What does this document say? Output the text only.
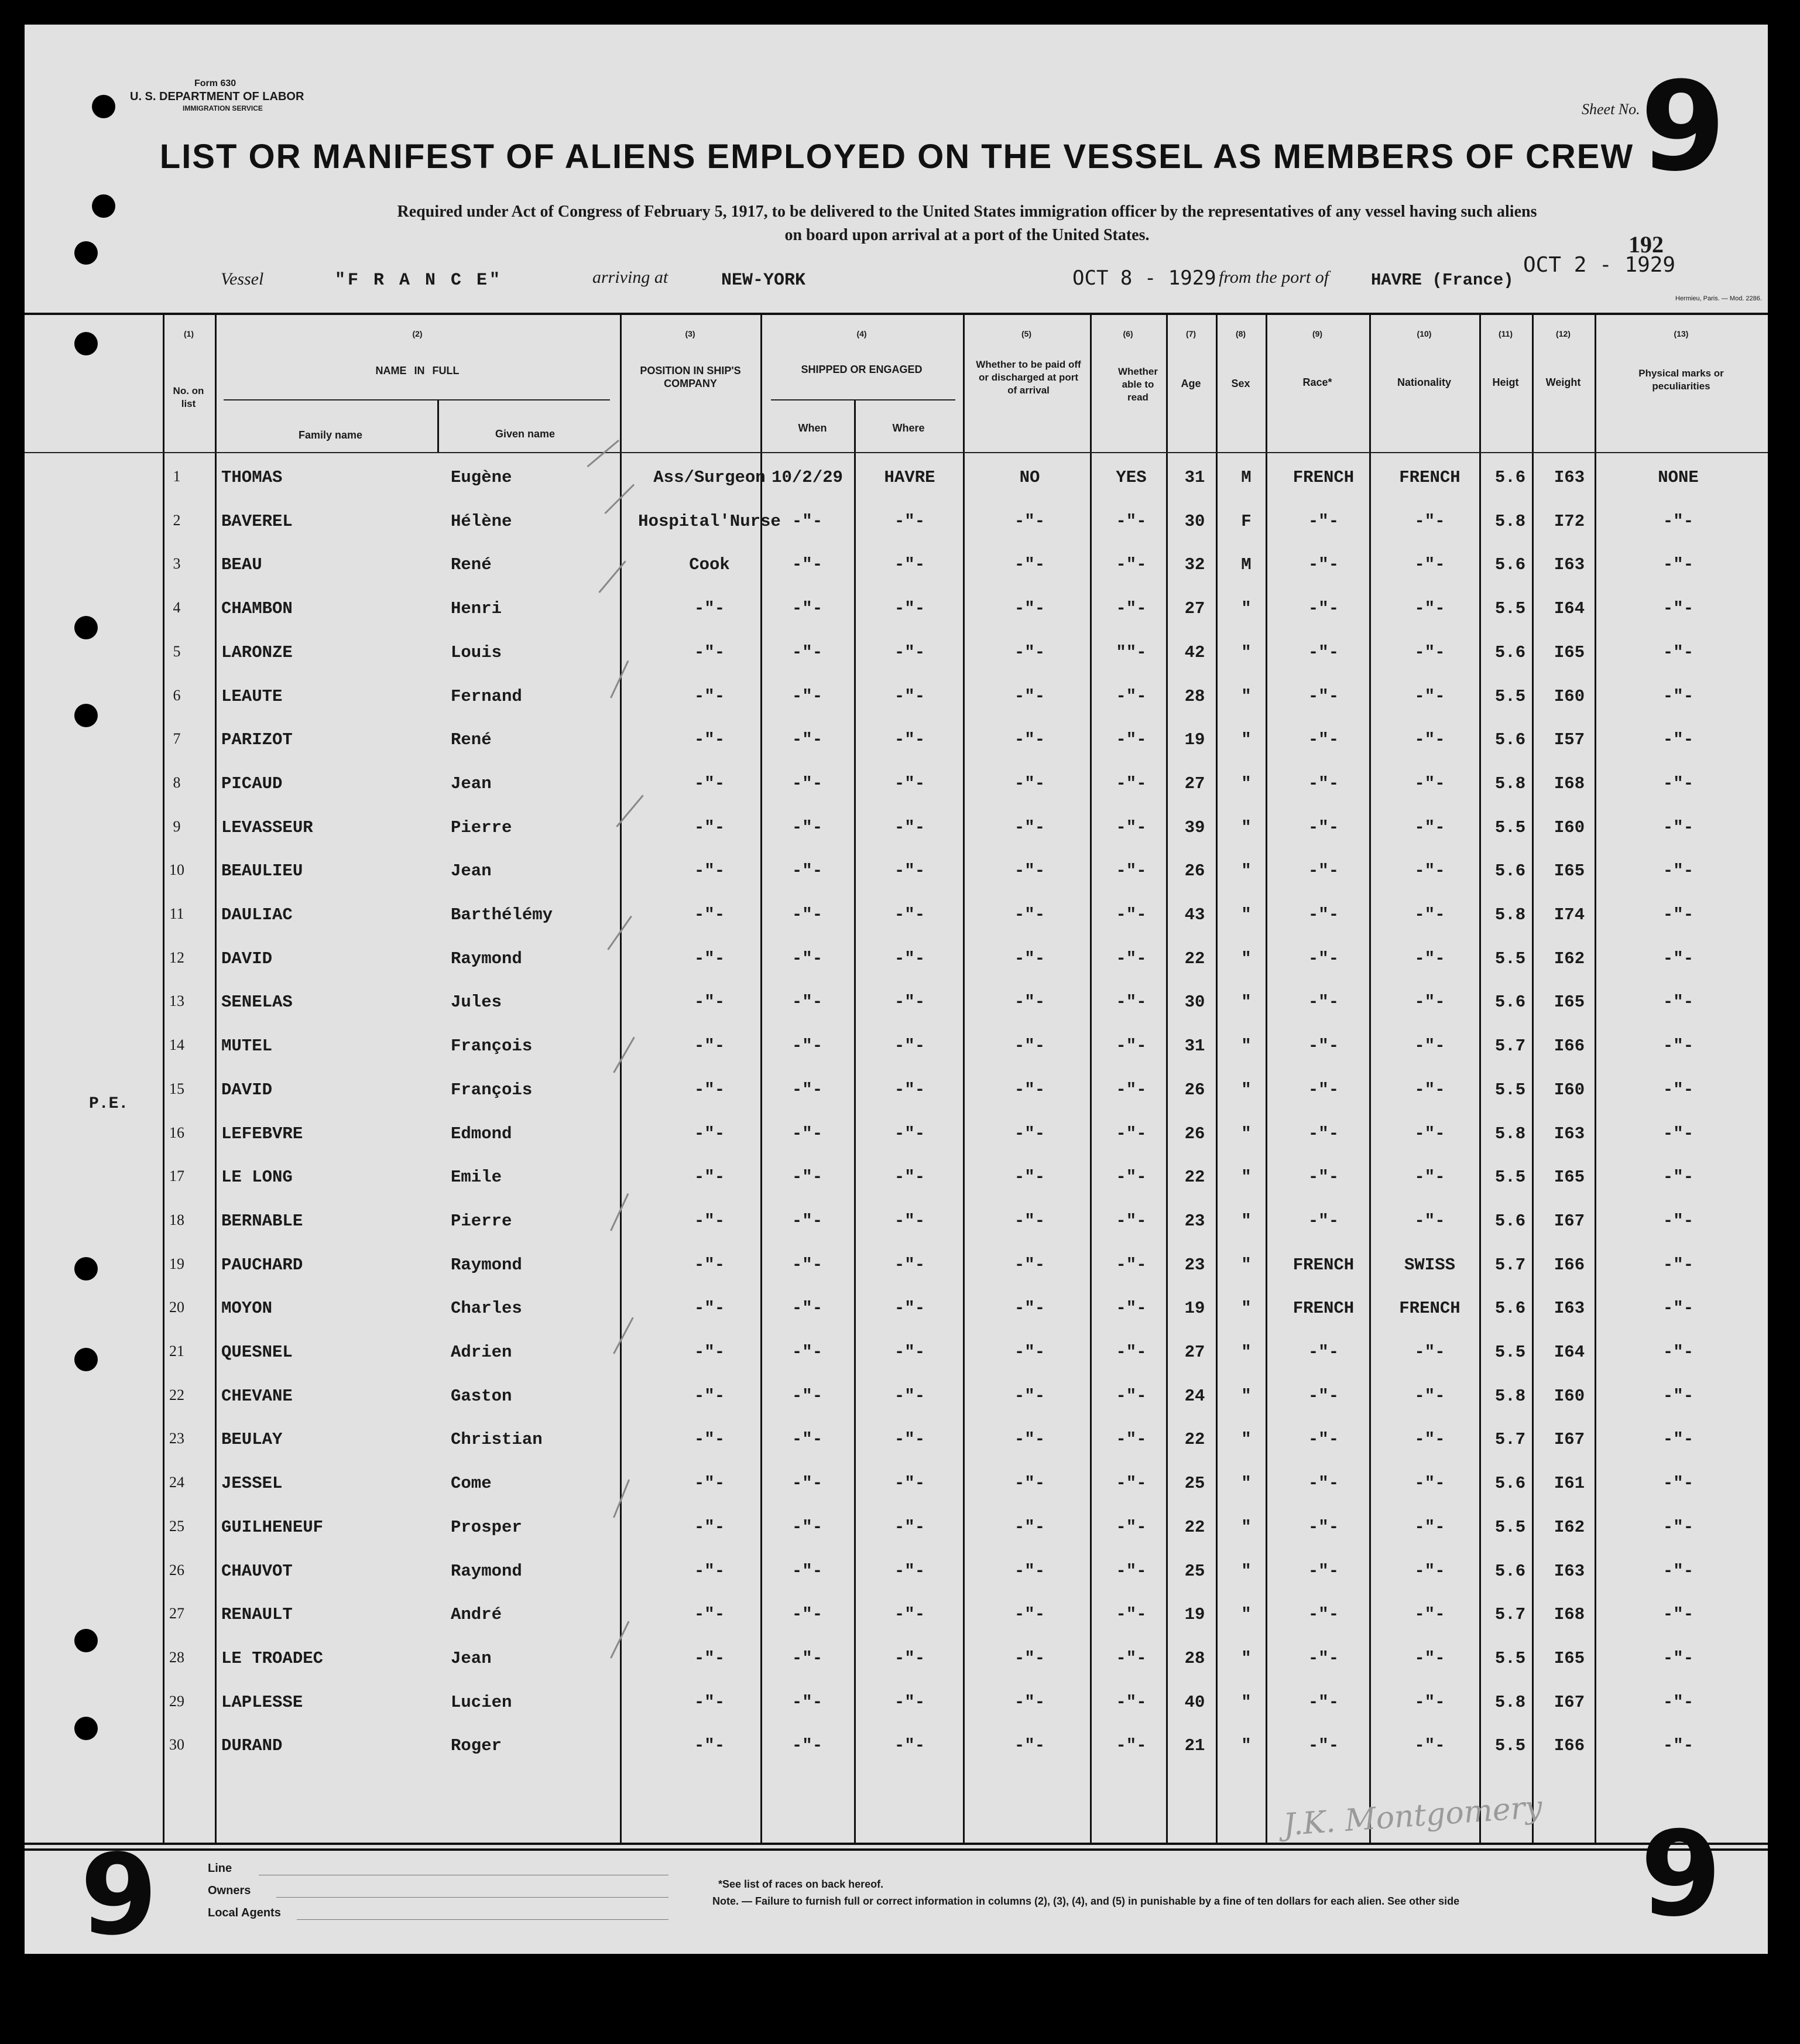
Form 630
U. S. DEPARTMENT OF LABOR
IMMIGRATION SERVICE	Sheet No. 9
LIST OR MANIFEST OF ALIENS EMPLOYED ON THE VESSEL AS MEMBERS OF CREW
Required under Act of Congress of February 5, 1917, to be delivered to the United States immigration officer by the representatives of any vessel having such aliens
on board upon arrival at a port of the United States.
Vessel	"F R A N C E"	arriving at	NEW-YORK	OCT 8 - 1929 from the port of HAVRE (France)
192
OCT 2 - 1929
Hermieu, Paris. — Mod. 2286.
(1)	(2)	(3)	(4)	(5)	(6)	(7)	(8)	(9)	(10)	(11)	(12)	(13)
No. on list
NAME IN FULL
Family name	Given name
POSITION IN SHIP'S COMPANY
SHIPPED OR ENGAGED
When	Where
Whether to be paid off or discharged at port of arrival
Whether able to read
Age	Sex	Race*	Nationality	Heigt	Weight
Physical marks or peculiarities
P.E.
1	THOMAS	Eugène	Ass/Surgeon 10/2/29	HAVRE	NO	YES	31	M	FRENCH	FRENCH	5.6	I63	NONE
2	BAVEREL	Hélène	Hospital'Nurse -"-	-"-	-"-	-"-	30	F	-"-	-"-	5.8	I72	-"-
3	BEAU	René	Cook	-"-	-"-	-"-	-"-	32	M	-"-	-"-	5.6	I63	-"-
4	CHAMBON	Henri	-"-	-"-	-"-	-"-	-"-	27	"	-"-	-"-	5.5	I64	-"-
5	LARONZE	Louis	-"-	-"-	-"-	-"-	""-	42	"	-"-	-"-	5.6	I65	-"-
6	LEAUTE	Fernand	-"-	-"-	-"-	-"-	-"-	28	"	-"-	-"-	5.5	I60	-"-
7	PARIZOT	René	-"-	-"-	-"-	-"-	-"-	19	"	-"-	-"-	5.6	I57	-"-
8	PICAUD	Jean	-"-	-"-	-"-	-"-	-"-	27	"	-"-	-"-	5.8	I68	-"-
9	LEVASSEUR	Pierre	-"-	-"-	-"-	-"-	-"-	39	"	-"-	-"-	5.5	I60	-"-
10	BEAULIEU	Jean	-"-	-"-	-"-	-"-	-"-	26	"	-"-	-"-	5.6	I65	-"-
11	DAULIAC	Barthélémy	-"-	-"-	-"-	-"-	-"-	43	"	-"-	-"-	5.8	I74	-"-
12	DAVID	Raymond	-"-	-"-	-"-	-"-	-"-	22	"	-"-	-"-	5.5	I62	-"-
13	SENELAS	Jules	-"-	-"-	-"-	-"-	-"-	30	"	-"-	-"-	5.6	I65	-"-
14	MUTEL	François	-"-	-"-	-"-	-"-	-"-	31	"	-"-	-"-	5.7	I66	-"-
15	DAVID	François	-"-	-"-	-"-	-"-	-"-	26	"	-"-	-"-	5.5	I60	-"-
16	LEFEBVRE	Edmond	-"-	-"-	-"-	-"-	-"-	26	"	-"-	-"-	5.8	I63	-"-
17	LE LONG	Emile	-"-	-"-	-"-	-"-	-"-	22	"	-"-	-"-	5.5	I65	-"-
18	BERNABLE	Pierre	-"-	-"-	-"-	-"-	-"-	23	"	-"-	-"-	5.6	I67	-"-
19	PAUCHARD	Raymond	-"-	-"-	-"-	-"-	-"-	23	"	FRENCH	SWISS	5.7	I66	-"-
20	MOYON	Charles	-"-	-"-	-"-	-"-	-"-	19	"	FRENCH	FRENCH	5.6	I63	-"-
21	QUESNEL	Adrien	-"-	-"-	-"-	-"-	-"-	27	"	-"-	-"-	5.5	I64	-"-
22	CHEVANE	Gaston	-"-	-"-	-"-	-"-	-"-	24	"	-"-	-"-	5.8	I60	-"-
23	BEULAY	Christian	-"-	-"-	-"-	-"-	-"-	22	"	-"-	-"-	5.7	I67	-"-
24	JESSEL	Come	-"-	-"-	-"-	-"-	-"-	25	"	-"-	-"-	5.6	I61	-"-
25	GUILHENEUF	Prosper	-"-	-"-	-"-	-"-	-"-	22	"	-"-	-"-	5.5	I62	-"-
26	CHAUVOT	Raymond	-"-	-"-	-"-	-"-	-"-	25	"	-"-	-"-	5.6	I63	-"-
27	RENAULT	André	-"-	-"-	-"-	-"-	-"-	19	"	-"-	-"-	5.7	I68	-"-
28	LE TROADEC	Jean	-"-	-"-	-"-	-"-	-"-	28	"	-"-	-"-	5.5	I65	-"-
29	LAPLESSE	Lucien	-"-	-"-	-"-	-"-	-"-	40	"	-"-	-"-	5.8	I67	-"-
30	DURAND	Roger	-"-	-"-	-"-	-"-	-"-	21	"	-"-	-"-	5.5	I66	-"-
J.K. Montgomery
9	9
Line
Owners
Local Agents
*See list of races on back hereof.
Note. — Failure to furnish full or correct information in columns (2), (3), (4), and (5) in punishable by a fine of ten dollars for each alien. See other side
